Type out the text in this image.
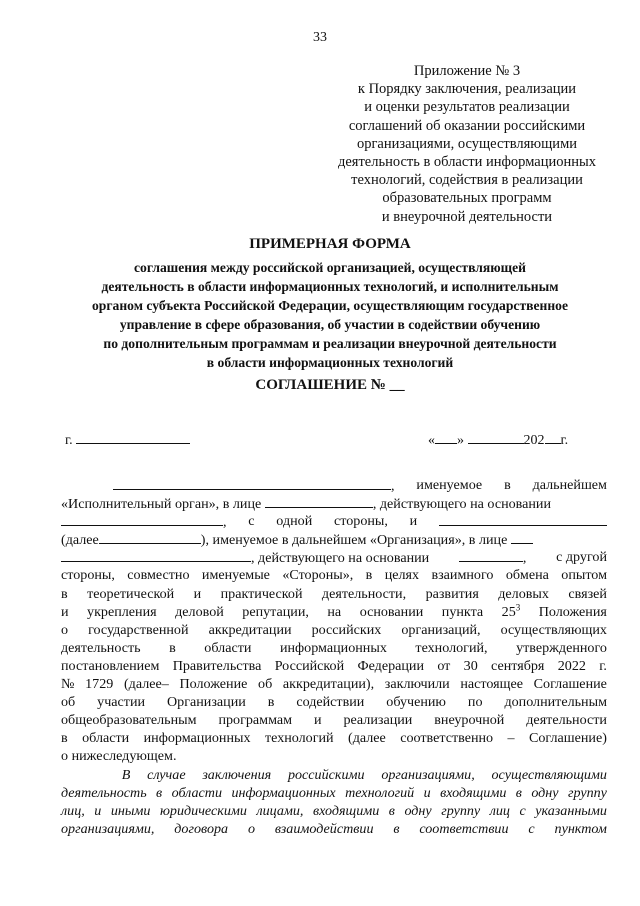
33
Приложение № 3
к Порядку заключения, реализации
и оценки результатов реализации
соглашений об оказании российскими
организациями, осуществляющими
деятельность в области информационных
технологий, содействия в реализации
образовательных программ
и внеурочной деятельности
ПРИМЕРНАЯ ФОРМА
соглашения между российской организацией, осуществляющей
деятельность в области информационных технологий, и исполнительным
органом субъекта Российской Федерации, осуществляющим государственное
управление в сфере образования, об участии в содействии обучению
по дополнительным программам и реализации внеурочной деятельности
в области информационных технологий
СОГЛАШЕНИЕ № __
г.	« »	202 г.
, именуемое в дальнейшем
«Исполнительный орган», в лице	, действующего на основании
, с одной стороны, и
(далее	), именуемое в дальнейшем «Организация», в лице
, действующего на основании	, с другой
стороны, совместно именуемые «Стороны», в целях взаимного обмена опытом
в теоретической и практической деятельности, развития деловых связей
и укрепления деловой репутации, на основании пункта $25^3$ Положения
о государственной аккредитации российских организаций, осуществляющих
деятельность в области информационных технологий, утвержденного
постановлением Правительства Российской Федерации от 30 сентября 2022 г.
№ 1729 (далее– Положение об аккредитации), заключили настоящее Соглашение
об участии Организации в содействии обучению по дополнительным
общеобразовательным программам и реализации внеурочной деятельности
в области информационных технологий (далее соответственно – Соглашение)
о нижеследующем.
В случае заключения российскими организациями, осуществляющими
деятельность в области информационных технологий и входящими в одну группу
лиц, и иными юридическими лицами, входящими в одну группу лиц с указанными
организациями, договора о взаимодействии в соответствии с пунктом
